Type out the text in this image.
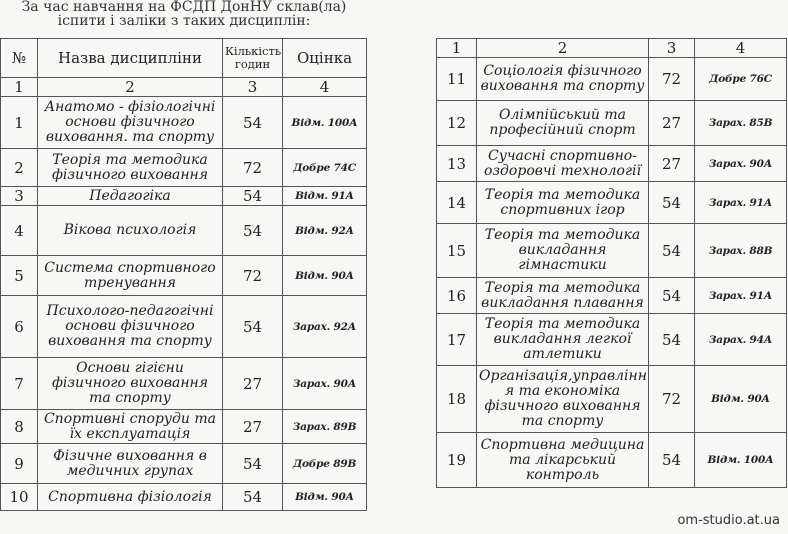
За час навчання на ФСДП ДонНУ склав(ла)
іспити і заліки з таких дисциплін:
№	Назва дисципліни	Кількість годин	Оцінка
1	2	3	4
1	Анатомо - фізіологічні основи фізичного виховання. та спорту	54	Відм. 100А
2	Теорія та методика фізичного виховання	72	Добре 74С
3	Педагогіка	54	Відм. 91А
4	Вікова психологія	54	Відм. 92А
5	Система спортивного тренування	72	Відм. 90А
6	Психолого-педагогічні основи фізичного виховання та спорту	54	Зарах. 92А
7	Основи гігієни фізичного виховання та спорту	27	Зарах. 90А
8	Спортивні споруди та їх експлуатація	27	Зарах. 89В
9	Фізичне виховання в медичних групах	54	Добре 89В
10	Спортивна фізіологія	54	Відм. 90А
1	2	3	4
11	Соціологія фізичного виховання та спорту	72	Добре 76С
12	Олімпійський та професійний спорт	27	Зарах. 85В
13	Сучасні спортивно-оздоровчі технології	27	Зарах. 90А
14	Теорія та методика спортивних ігор	54	Зарах. 91А
15	Теорія та методика викладання гімнастики	54	Зарах. 88В
16	Теорія та методика викладання плавання	54	Зарах. 91А
17	Теорія та методика викладання легкої атлетики	54	Зарах. 94А
18	Організація,управлінн я та економіка фізичного виховання та спорту	72	Відм. 90А
19	Спортивна медицина та лікарський контроль	54	Відм. 100А
om-studio.at.ua
